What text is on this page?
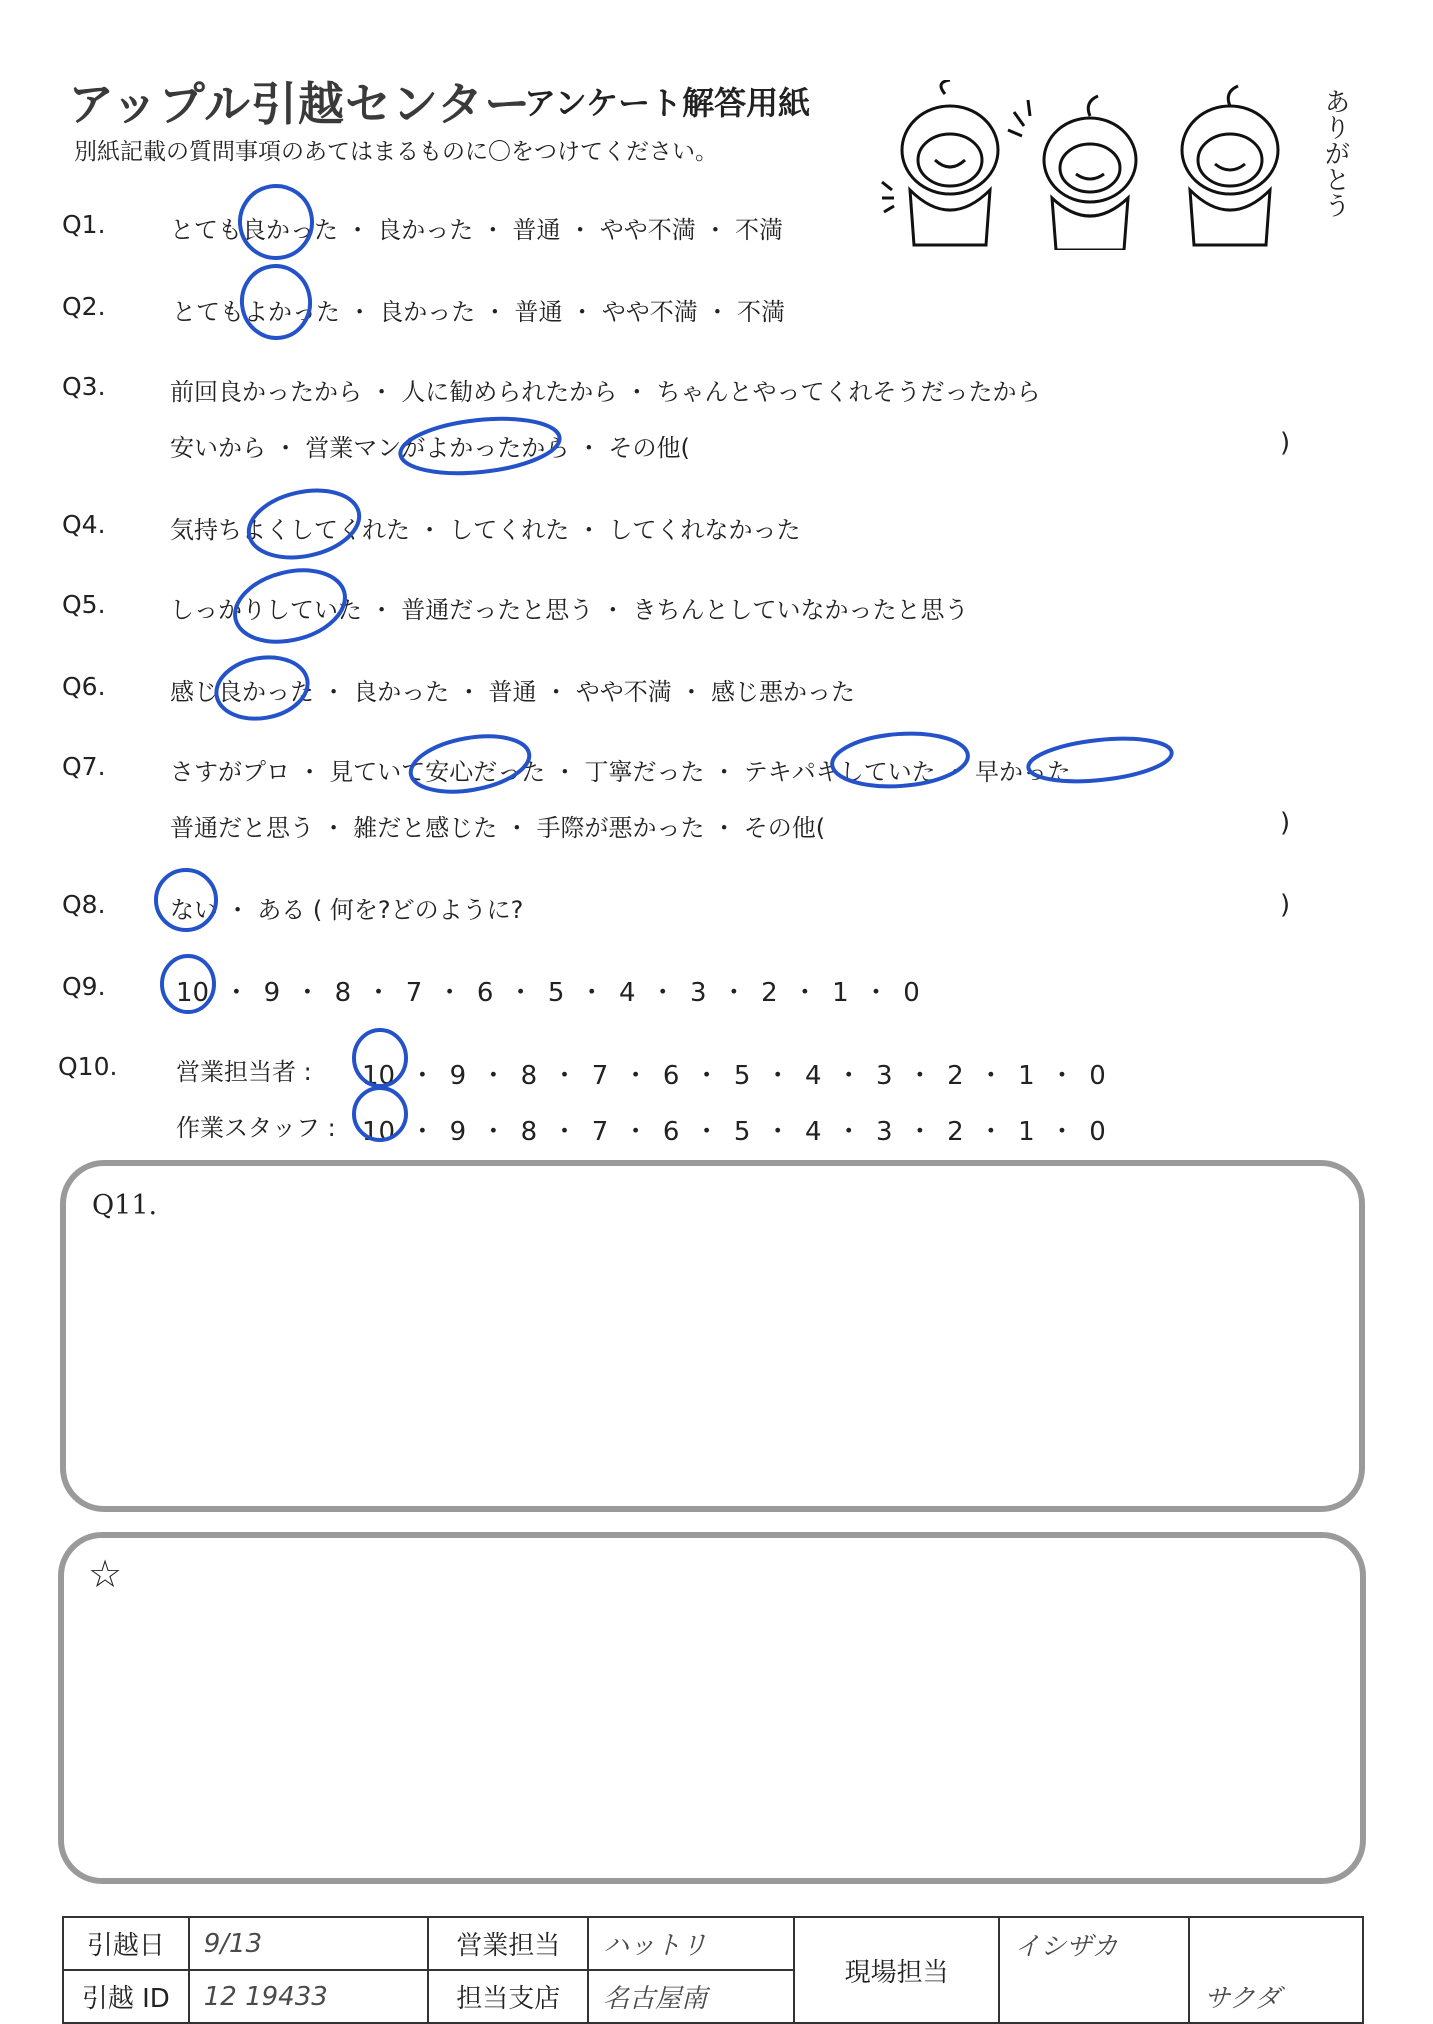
アップル引越センター
アンケート解答用紙
別紙記載の質問事項のあてはまるものに〇をつけてください。	ありがとう
Q1.	とても良かった ・ 良かった ・ 普通 ・ やや不満 ・ 不満
Q2.	とてもよかった ・ 良かった ・ 普通 ・ やや不満 ・ 不満
Q3.	前回良かったから ・ 人に勧められたから ・ ちゃんとやってくれそうだったから
安いから ・ 営業マンがよかったから ・ その他(	)
Q4.	気持ちよくしてくれた ・ してくれた ・ してくれなかった
Q5.	しっかりしていた ・ 普通だったと思う ・ きちんとしていなかったと思う
Q6.	感じ良かった ・ 良かった ・ 普通 ・ やや不満 ・ 感じ悪かった
Q7.	さすがプロ ・ 見ていて安心だった ・ 丁寧だった ・ テキパキしていた ・ 早かった
普通だと思う ・ 雑だと感じた ・ 手際が悪かった ・ その他(	)
Q8.	ない ・ ある ( 何を?どのように?	)
Q9.	10 ・ 9 ・ 8 ・ 7 ・ 6 ・ 5 ・ 4 ・ 3 ・ 2 ・ 1 ・ 0
Q10. 営業担当者 : 10 ・ 9 ・ 8 ・ 7 ・ 6 ・ 5 ・ 4 ・ 3 ・ 2 ・ 1 ・ 0
作業スタッフ : 10 ・ 9 ・ 8 ・ 7 ・ 6 ・ 5 ・ 4 ・ 3 ・ 2 ・ 1 ・ 0
Q11.
☆
引越日	9/13	営業担当	ハットリ	現場担当	イシザカ	
引越 ID	12 19433	担当支店	名古屋南			サクダ
